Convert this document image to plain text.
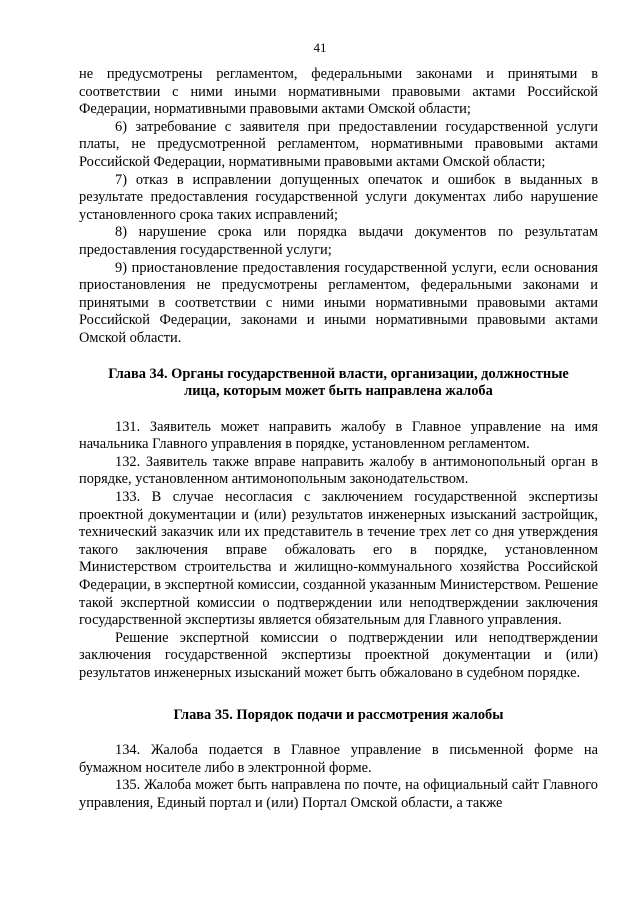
41

не предусмотрены регламентом, федеральными законами и принятыми в соответствии с ними иными нормативными правовыми актами Российской Федерации, нормативными правовыми актами Омской области;

6) затребование с заявителя при предоставлении государственной услуги платы, не предусмотренной регламентом, нормативными правовыми актами Российской Федерации, нормативными правовыми актами Омской области;

7) отказ в исправлении допущенных опечаток и ошибок в выданных в результате предоставления государственной услуги документах либо нарушение установленного срока таких исправлений;

8) нарушение срока или порядка выдачи документов по результатам предоставления государственной услуги;

9) приостановление предоставления государственной услуги, если основания приостановления не предусмотрены регламентом, федеральными законами и принятыми в соответствии с ними иными нормативными правовыми актами Российской Федерации, законами и иными нормативными правовыми актами Омской области.

Глава 34. Органы государственной власти, организации, должностные лица, которым может быть направлена жалоба

131. Заявитель может направить жалобу в Главное управление на имя начальника Главного управления в порядке, установленном регламентом.

132. Заявитель также вправе направить жалобу в антимонопольный орган в порядке, установленном антимонопольным законодательством.

133. В случае несогласия с заключением государственной экспертизы проектной документации и (или) результатов инженерных изысканий застройщик, технический заказчик или их представитель в течение трех лет со дня утверждения такого заключения вправе обжаловать его в порядке, установленном Министерством строительства и жилищно-коммунального хозяйства Российской Федерации, в экспертной комиссии, созданной указанным Министерством. Решение такой экспертной комиссии о подтверждении или неподтверждении заключения государственной экспертизы является обязательным для Главного управления.

Решение экспертной комиссии о подтверждении или неподтверждении заключения государственной экспертизы проектной документации и (или) результатов инженерных изысканий может быть обжаловано в судебном порядке.

Глава 35. Порядок подачи и рассмотрения жалобы

134. Жалоба подается в Главное управление в письменной форме на бумажном носителе либо в электронной форме.

135. Жалоба может быть направлена по почте, на официальный сайт Главного управления, Единый портал и (или) Портал Омской области, а также
